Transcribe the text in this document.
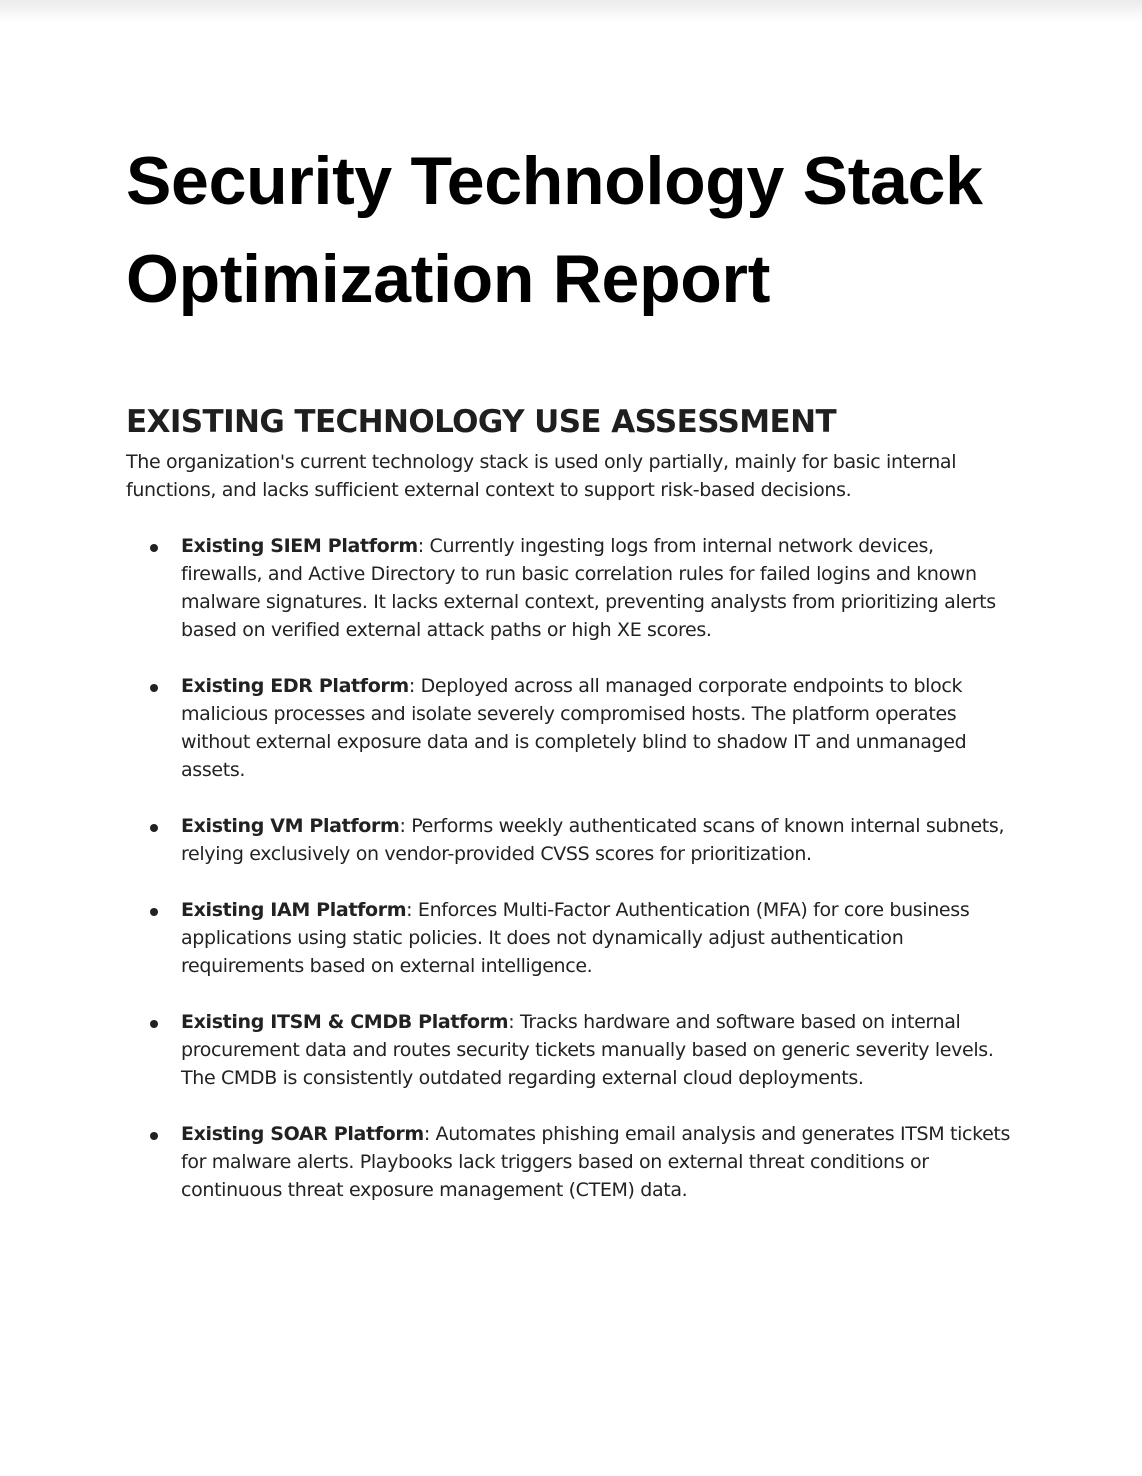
Security Technology Stack
Optimization Report
EXISTING TECHNOLOGY USE ASSESSMENT

The organization's current technology stack is used only partially, mainly for basic internal functions, and lacks sufficient external context to support risk-based decisions.

Existing SIEM Platform: Currently ingesting logs from internal network devices, firewalls, and Active Directory to run basic correlation rules for failed logins and known malware signatures. It lacks external context, preventing analysts from prioritizing alerts based on verified external attack paths or high XE scores.
Existing EDR Platform: Deployed across all managed corporate endpoints to block malicious processes and isolate severely compromised hosts. The platform operates without external exposure data and is completely blind to shadow IT and unmanaged assets.
Existing VM Platform: Performs weekly authenticated scans of known internal subnets, relying exclusively on vendor-provided CVSS scores for prioritization.
Existing IAM Platform: Enforces Multi-Factor Authentication (MFA) for core business applications using static policies. It does not dynamically adjust authentication requirements based on external intelligence.
Existing ITSM & CMDB Platform: Tracks hardware and software based on internal procurement data and routes security tickets manually based on generic severity levels. The CMDB is consistently outdated regarding external cloud deployments.
Existing SOAR Platform: Automates phishing email analysis and generates ITSM tickets for malware alerts. Playbooks lack triggers based on external threat conditions or continuous threat exposure management (CTEM) data.
